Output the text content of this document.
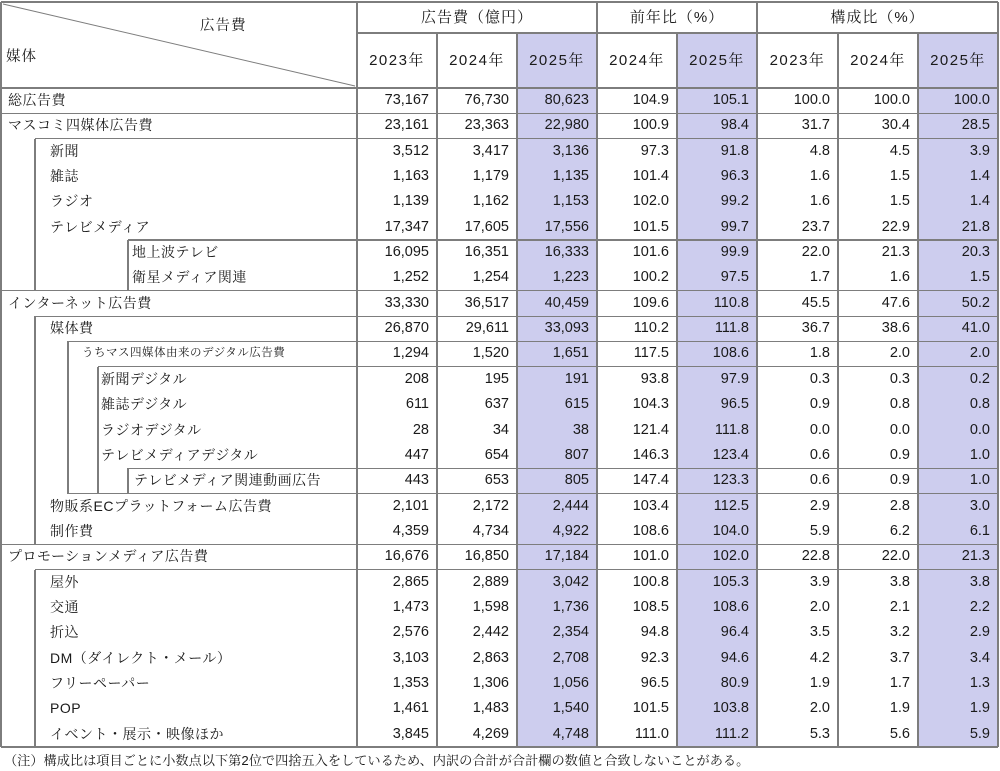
総広告費	73,167	76,730	80,623	104.9	105.1	100.0	100.0	100.0
マスコミ四媒体広告費	23,161	23,363	22,980	100.9	98.4	31.7	30.4	28.5
新聞	3,512	3,417	3,136	97.3	91.8	4.8	4.5	3.9
雑誌	1,163	1,179	1,135	101.4	96.3	1.6	1.5	1.4
ラジオ	1,139	1,162	1,153	102.0	99.2	1.6	1.5	1.4
テレビメディア	17,347	17,605	17,556	101.5	99.7	23.7	22.9	21.8
地上波テレビ	16,095	16,351	16,333	101.6	99.9	22.0	21.3	20.3
衛星メディア関連	1,252	1,254	1,223	100.2	97.5	1.7	1.6	1.5
インターネット広告費	33,330	36,517	40,459	109.6	110.8	45.5	47.6	50.2
媒体費	26,870	29,611	33,093	110.2	111.8	36.7	38.6	41.0
うちマス四媒体由来のデジタル広告費	1,294	1,520	1,651	117.5	108.6	1.8	2.0	2.0
新聞デジタル	208	195	191	93.8	97.9	0.3	0.3	0.2
雑誌デジタル	611	637	615	104.3	96.5	0.9	0.8	0.8
ラジオデジタル	28	34	38	121.4	111.8	0.0	0.0	0.0
テレビメディアデジタル	447	654	807	146.3	123.4	0.6	0.9	1.0
テレビメディア関連動画広告	443	653	805	147.4	123.3	0.6	0.9	1.0
物販系ECプラットフォーム広告費	2,101	2,172	2,444	103.4	112.5	2.9	2.8	3.0
制作費	4,359	4,734	4,922	108.6	104.0	5.9	6.2	6.1
プロモーションメディア広告費	16,676	16,850	17,184	101.0	102.0	22.8	22.0	21.3
屋外	2,865	2,889	3,042	100.8	105.3	3.9	3.8	3.8
交通	1,473	1,598	1,736	108.5	108.6	2.0	2.1	2.2
折込	2,576	2,442	2,354	94.8	96.4	3.5	3.2	2.9
DM（ダイレクト・メール）	3,103	2,863	2,708	92.3	94.6	4.2	3.7	3.4
フリーペーパー	1,353	1,306	1,056	96.5	80.9	1.9	1.7	1.3
POP	1,461	1,483	1,540	101.5	103.8	2.0	1.9	1.9
イベント・展示・映像ほか	3,845	4,269	4,748	111.0	111.2	5.3	5.6	5.9
広告費
媒体
広告費（億円）	前年比（%）	構成比（%）
2023年	2024年	2025年	2024年	2025年	2023年	2024年	2025年
（注）構成比は項目ごとに小数点以下第2位で四捨五入をしているため、内訳の合計が合計欄の数値と合致しないことがある。
